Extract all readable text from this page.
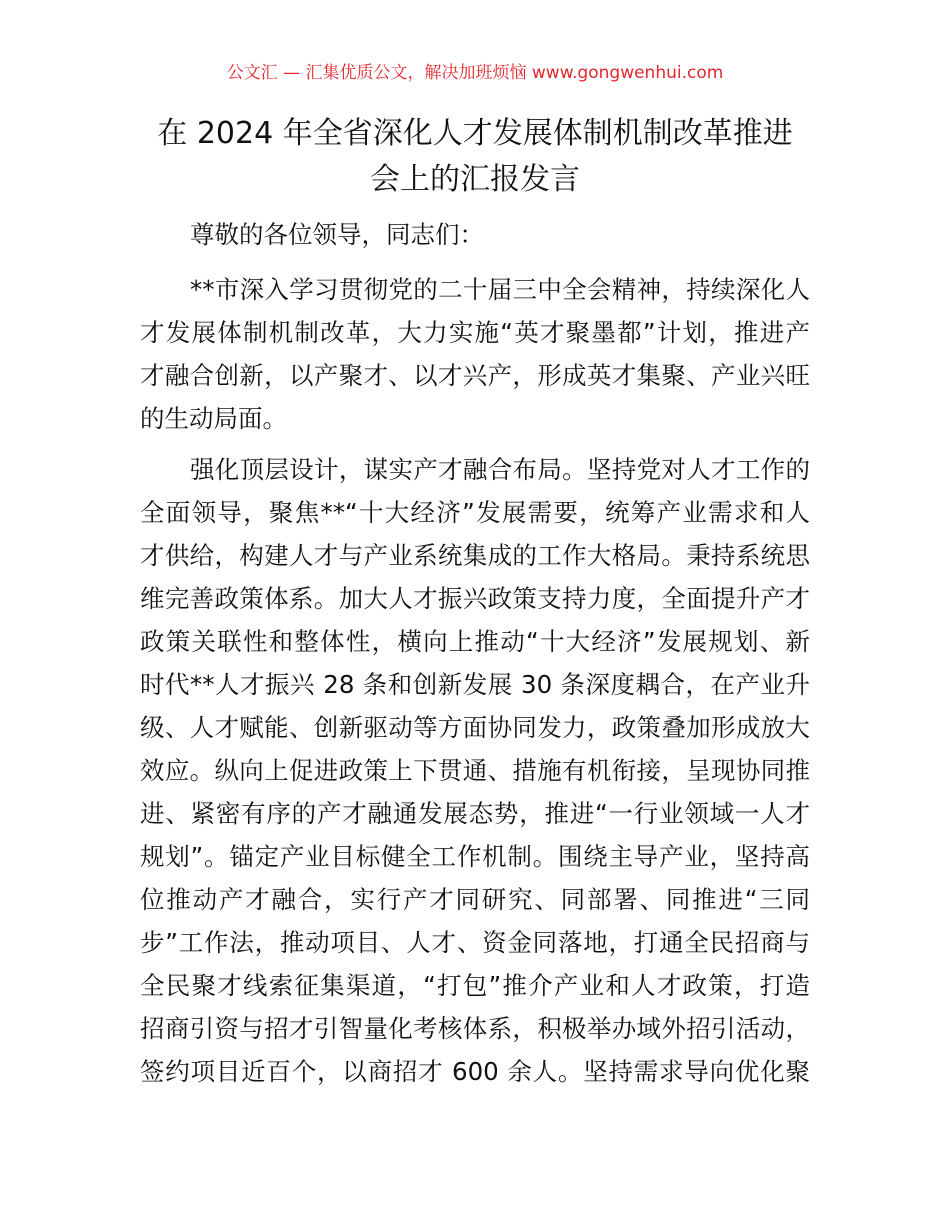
公文汇 — 汇集优质公文，解决加班烦恼 www.gongwenhui.com
在 2024 年全省深化人才发展体制机制改革推进
会上的汇报发言
尊敬的各位领导，同志们：
**市深入学习贯彻党的二十届三中全会精神，持续深化人
才发展体制机制改革，大力实施“英才聚墨都”计划，推进产
才融合创新，以产聚才、以才兴产，形成英才集聚、产业兴旺
的生动局面。
强化顶层设计，谋实产才融合布局。坚持党对人才工作的
全面领导，聚焦**“十大经济”发展需要，统筹产业需求和人
才供给，构建人才与产业系统集成的工作大格局。秉持系统思
维完善政策体系。加大人才振兴政策支持力度，全面提升产才
政策关联性和整体性，横向上推动“十大经济”发展规划、新
时代**人才振兴 28 条和创新发展 30 条深度耦合，在产业升
级、人才赋能、创新驱动等方面协同发力，政策叠加形成放大
效应。纵向上促进政策上下贯通、措施有机衔接，呈现协同推
进、紧密有序的产才融通发展态势，推进“一行业领域一人才
规划”。锚定产业目标健全工作机制。围绕主导产业，坚持高
位推动产才融合，实行产才同研究、同部署、同推进“三同
步”工作法，推动项目、人才、资金同落地，打通全民招商与
全民聚才线索征集渠道，“打包”推介产业和人才政策，打造
招商引资与招才引智量化考核体系，积极举办域外招引活动，
签约项目近百个，以商招才 600 余人。坚持需求导向优化聚
